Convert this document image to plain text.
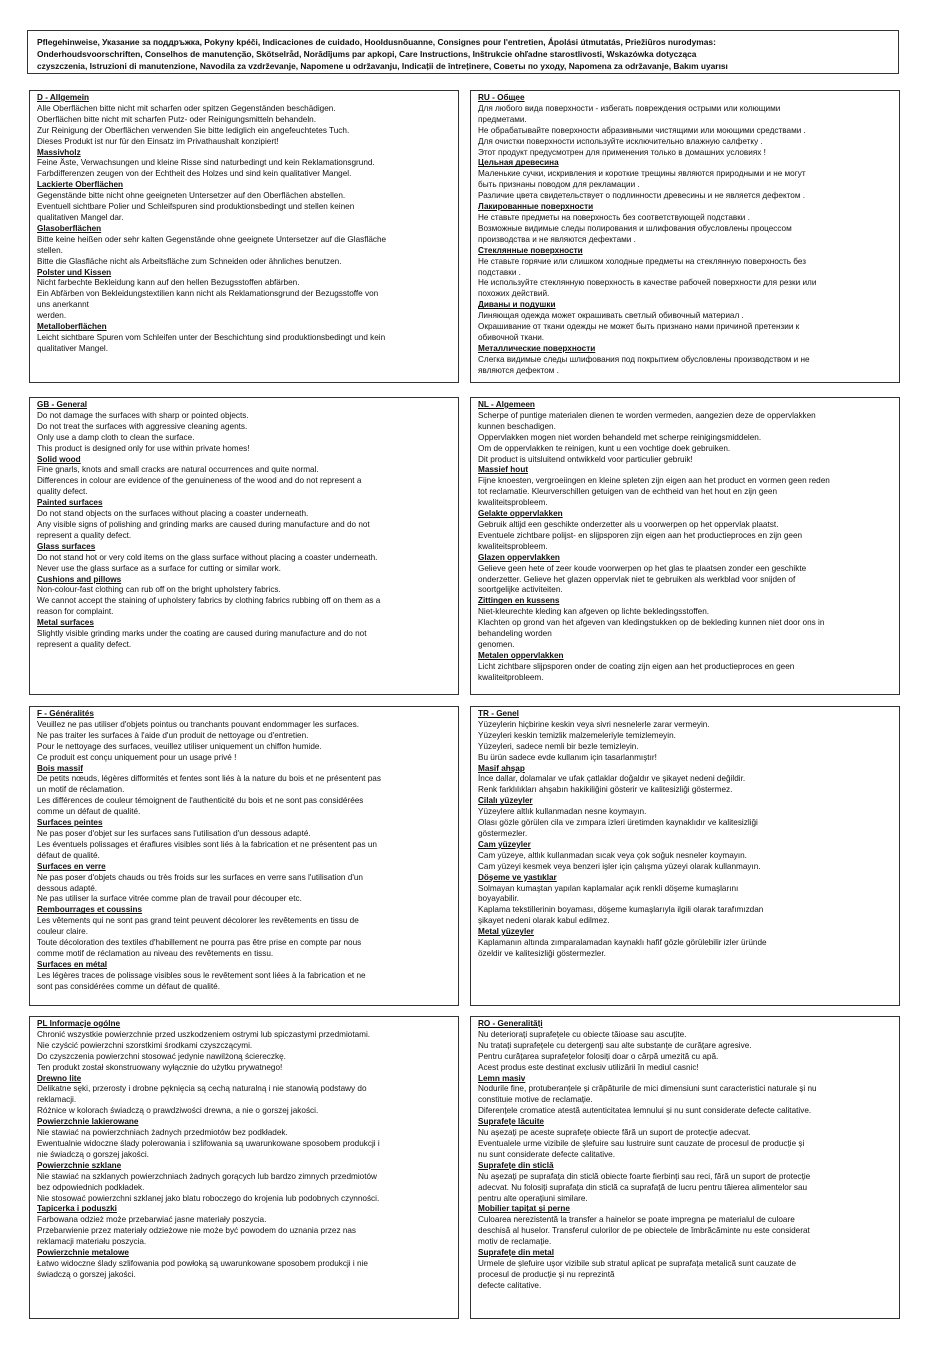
Pflegehinweise, Указание за поддръжка, Pokyny kpéči, Indicaciones de cuidado, Hooldusnõuanne, Consignes pour l'entretien, Ápolási útmutatás, Priežiūros nurodymas:
Onderhoudsvoorschriften, Conselhos de manutenção, Skötselråd, Norādījums par apkopi, Care Instructions, Inštrukcie ohľadne starostlivosti, Wskazówka dotycząca
czyszczenia, Istruzioni di manutenzione, Navodila za vzdrževanje, Napomene u održavanju, Indicații de întreținere, Советы по уходу, Napomena za održavanje, Bakım uyarısı

D - Allgemein

Alle Oberflächen bitte nicht mit scharfen oder spitzen Gegenständen beschädigen.

Oberflächen bitte nicht mit scharfen Putz- oder Reinigungsmitteln behandeln.

Zur Reinigung der Oberflächen verwenden Sie bitte lediglich ein angefeuchtetes Tuch.

Dieses Produkt ist nur für den Einsatz im Privathaushalt konzipiert!

Massivholz

Feine Äste, Verwachsungen und kleine Risse sind naturbedingt und kein Reklamationsgrund.

Farbdifferenzen zeugen von der Echtheit des Holzes und sind kein qualitativer Mangel.

Lackierte Oberflächen

Gegenstände bitte nicht ohne geeigneten Untersetzer auf den Oberflächen abstellen.

Eventuell sichtbare Polier und Schleifspuren sind produktionsbedingt und stellen keinen

qualitativen Mangel dar.

Glasoberflächen

Bitte keine heißen oder sehr kalten Gegenstände ohne geeignete Untersetzer auf die Glasfläche

stellen.

Bitte die Glasfläche nicht als Arbeitsfläche zum Schneiden oder ähnliches benutzen.

Polster und Kissen

Nicht farbechte Bekleidung kann auf den hellen Bezugsstoffen abfärben.

Ein Abfärben von Bekleidungstextilien kann nicht als Reklamationsgrund der Bezugsstoffe von

uns anerkannt

werden.

Metalloberflächen

Leicht sichtbare Spuren vom Schleifen unter der Beschichtung sind produktionsbedingt und kein

qualitativer Mangel.

RU - Общее

Для любого вида поверхности - избегать повреждения острыми или колющими

предметами.

Не обрабатывайте поверхности абразивными чистящими или моющими средствами .

Для очистки поверхности используйте исключительно влажную салфетку .

Этот продукт предусмотрен для применения только в домашних условиях !

Цельная древесина

Маленькие сучки, искривления и короткие трещины являются природными и не могут

быть признаны поводом для рекламации .

Различие цветa свидетельствует о подлинности древесины и не является дефектом .

Лакированные поверхности

Не ставьте предметы на поверхность без соответствующей подставки .

Возможные видимые следы полирования и шлифования обусловлены процессом

производства и не являются дефектами .

Стеклянные поверхности

Не ставьте горячие или слишком холодные предметы на стеклянную поверхность без

подставки .

Не используйте стеклянную поверхность в качестве рабочей поверхности для резки или

похожих действий.

Диваны и подушки

Линяющая одежда может окрашивать светлый обивочный материал .

Окрашивание от ткани одежды не может быть признано нами причиной претензии к

обивочной ткани.

Металлические поверхности

Слегка видимые следы шлифования под покрытием обусловлены производством и не

являются дефектом .

GB - General

Do not damage the surfaces with sharp or pointed objects.

Do not treat the surfaces with aggressive cleaning agents.

Only use a damp cloth to clean the surface.

This product is designed only for use within private homes!

Solid wood

Fine gnarls, knots and small cracks are natural occurrences and quite normal.

Differences in colour are evidence of the genuineness of the wood and do not represent a

quality defect.

Painted surfaces

Do not stand objects on the surfaces without placing a coaster underneath.

Any visible signs of polishing and grinding marks are caused during manufacture and do not

represent a quality defect.

Glass surfaces

Do not stand hot or very cold items on the glass surface without placing a coaster underneath.

Never use the glass surface as a surface for cutting or similar work.

Cushions and pillows

Non-colour-fast clothing can rub off on the bright upholstery fabrics.

We cannot accept the staining of upholstery fabrics by clothing fabrics rubbing off on them as a

reason for complaint.

Metal surfaces

Slightly visible grinding marks under the coating are caused during manufacture and do not

represent a quality defect.

NL - Algemeen

Scherpe of puntige materialen dienen te worden vermeden, aangezien deze de oppervlakken

kunnen beschadigen.

Oppervlakken mogen niet worden behandeld met scherpe reinigingsmiddelen.

Om de oppervlakken te reinigen, kunt u een vochtige doek gebruiken.

Dit product is uitsluitend ontwikkeld voor particulier gebruik!

Massief hout

Fijne knoesten, vergroeiingen en kleine spleten zijn eigen aan het product en vormen geen reden

tot reclamatie. Kleurverschillen getuigen van de echtheid van het hout en zijn geen

kwaliteitsprobleem.

Gelakte oppervlakken

Gebruik altijd een geschikte onderzetter als u voorwerpen op het oppervlak plaatst.

Eventuele zichtbare polijst- en slijpsporen zijn eigen aan het productieproces en zijn geen

kwaliteitsprobleem.

Glazen oppervlakken

Gelieve geen hete of zeer koude voorwerpen op het glas te plaatsen zonder een geschikte

onderzetter. Gelieve het glazen oppervlak niet te gebruiken als werkblad voor snijden of

soortgelijke activiteiten.

Zittingen en kussens

Niet-kleurechte kleding kan afgeven op lichte bekledingsstoffen.

Klachten op grond van het afgeven van kledingstukken op de bekleding kunnen niet door ons in

behandeling worden

genomen.

Metalen oppervlakken

Licht zichtbare slijpsporen onder de coating zijn eigen aan het productieproces en geen

kwaliteitprobleem.

F - Généralités

Veuillez ne pas utiliser d'objets pointus ou tranchants pouvant endommager les surfaces.

Ne pas traiter les surfaces à l'aide d'un produit de nettoyage ou d'entretien.

Pour le nettoyage des surfaces, veuillez utiliser uniquement un chiffon humide.

Ce produit est conçu uniquement pour un usage privé !

Bois massif

De petits nœuds, légères difformités et fentes sont liés à la nature du bois et ne présentent pas

un motif de réclamation.

Les différences de couleur témoignent de l'authenticité du bois et ne sont pas considérées

comme un défaut de qualité.

Surfaces peintes

Ne pas poser d'objet sur les surfaces sans l'utilisation d'un dessous adapté.

Les éventuels polissages et éraflures visibles sont liés à la fabrication et ne présentent pas un

défaut de qualité.

Surfaces en verre

Ne pas poser d'objets chauds ou très froids sur les surfaces en verre sans l'utilisation d'un

dessous adapté.

Ne pas utiliser la surface vitrée comme plan de travail pour découper etc.

Rembourrages et coussins

Les vêtements qui ne sont pas grand teint peuvent décolorer les revêtements en tissu de

couleur claire.

Toute décoloration des textiles d'habillement ne pourra pas être prise en compte par nous

comme motif de réclamation au niveau des revêtements en tissu.

Surfaces en métal

Les légères traces de polissage visibles sous le revêtement sont liées à la fabrication et ne

sont pas considérées comme un défaut de qualité.

TR - Genel

Yüzeylerin hiçbirine keskin veya sivri nesnelerle zarar vermeyin.

Yüzeyleri keskin temizlik malzemeleriyle temizlemeyin.

Yüzeyleri, sadece nemli bir bezle temizleyin.

Bu ürün sadece evde kullanım için tasarlanmıştır!

Masif ahşap

İnce dallar, dolamalar ve ufak çatlaklar doğaldır ve şikayet nedeni değildir.

Renk farklılıkları ahşabın hakikiliğini gösterir ve kalitesizliği göstermez.

Cilalı yüzeyler

Yüzeylere altlık kullanmadan nesne koymayın.

Olası gözle görülen cila ve zımpara izleri üretimden kaynaklıdır ve kalitesizliği

göstermezler.

Cam yüzeyler

Cam yüzeye, altlık kullanmadan sıcak veya çok soğuk nesneler koymayın.

Cam yüzeyi kesmek veya benzeri işler için çalışma yüzeyi olarak kullanmayın.

Döşeme ve yastıklar

Solmayan kumaştan yapılan kaplamalar açık renkli döşeme kumaşlarını

boyayabilir.

Kaplama tekstillerinin boyaması, döşeme kumaşlarıyla ilgili olarak tarafımızdan

şikayet nedeni olarak kabul edilmez.

Metal yüzeyler

Kaplamanın altında zımparalamadan kaynaklı hafif gözle görülebilir izler üründe

özeldir ve kalitesizliği göstermezler.

PL Informacje ogólne

Chronić wszystkie powierzchnie przed uszkodzeniem ostrymi lub spiczastymi przedmiotami.

Nie czyścić powierzchni szorstkimi środkami czyszczącymi.

Do czyszczenia powierzchni stosować jedynie nawilżoną ściereczkę.

Ten produkt został skonstruowany wyłącznie do użytku prywatnego!

Drewno lite

Delikatne sęki, przerosty i drobne pęknięcia są cechą naturalną i nie stanowią podstawy do

reklamacji.

Różnice w kolorach świadczą o prawdziwości drewna, a nie o gorszej jakości.

Powierzchnie lakierowane

Nie stawiać na powierzchniach żadnych przedmiotów bez podkładek.

Ewentualnie widoczne ślady polerowania i szlifowania są uwarunkowane sposobem produkcji i

nie świadczą o gorszej jakości.

Powierzchnie szklane

Nie stawiać na szklanych powierzchniach żadnych gorących lub bardzo zimnych przedmiotów

bez odpowiednich podkładek.

Nie stosować powierzchni szklanej jako blatu roboczego do krojenia lub podobnych czynności.

Tapicerka i poduszki

Farbowana odzież może przebarwiać jasne materiały poszycia.

Przebarwienie przez materiały odzieżowe nie może być powodem do uznania przez nas

reklamacji materiału poszycia.

Powierzchnie metalowe

Łatwo widoczne ślady szlifowania pod powłoką są uwarunkowane sposobem produkcji i nie

świadczą o gorszej jakości.

RO - Generalități

Nu deteriorați suprafețele cu obiecte tăioase sau ascuțite.

Nu tratați suprafețele cu detergenți sau alte substanțe de curățare agresive.

Pentru curățarea suprafețelor folosiți doar o cârpă umezită cu apă.

Acest produs este destinat exclusiv utilizării în mediul casnic!

Lemn masiv

Nodurile fine, protuberanțele și crăpăturile de mici dimensiuni sunt caracteristici naturale și nu

constituie motive de reclamație.

Diferențele cromatice atestă autenticitatea lemnului și nu sunt considerate defecte calitative.

Suprafețe lăcuite

Nu așezați pe aceste suprafețe obiecte fără un suport de protecție adecvat.

Eventualele urme vizibile de șlefuire sau lustruire sunt cauzate de procesul de producție și

nu sunt considerate defecte calitative.

Suprafețe din sticlă

Nu așezați pe suprafața din sticlă obiecte foarte fierbinți sau reci, fără un suport de protecție

adecvat. Nu folosiți suprafața din sticlă ca suprafață de lucru pentru tăierea alimentelor sau

pentru alte operațiuni similare.

Mobilier tapițat și perne

Culoarea nerezistentă la transfer a hainelor se poate impregna pe materialul de culoare

deschisă al huselor. Transferul culorilor de pe obiectele de îmbrăcăminte nu este considerat

motiv de reclamație.

Suprafețe din metal

Urmele de șlefuire ușor vizibile sub stratul aplicat pe suprafața metalică sunt cauzate de

procesul de producție și nu reprezintă

defecte calitative.
